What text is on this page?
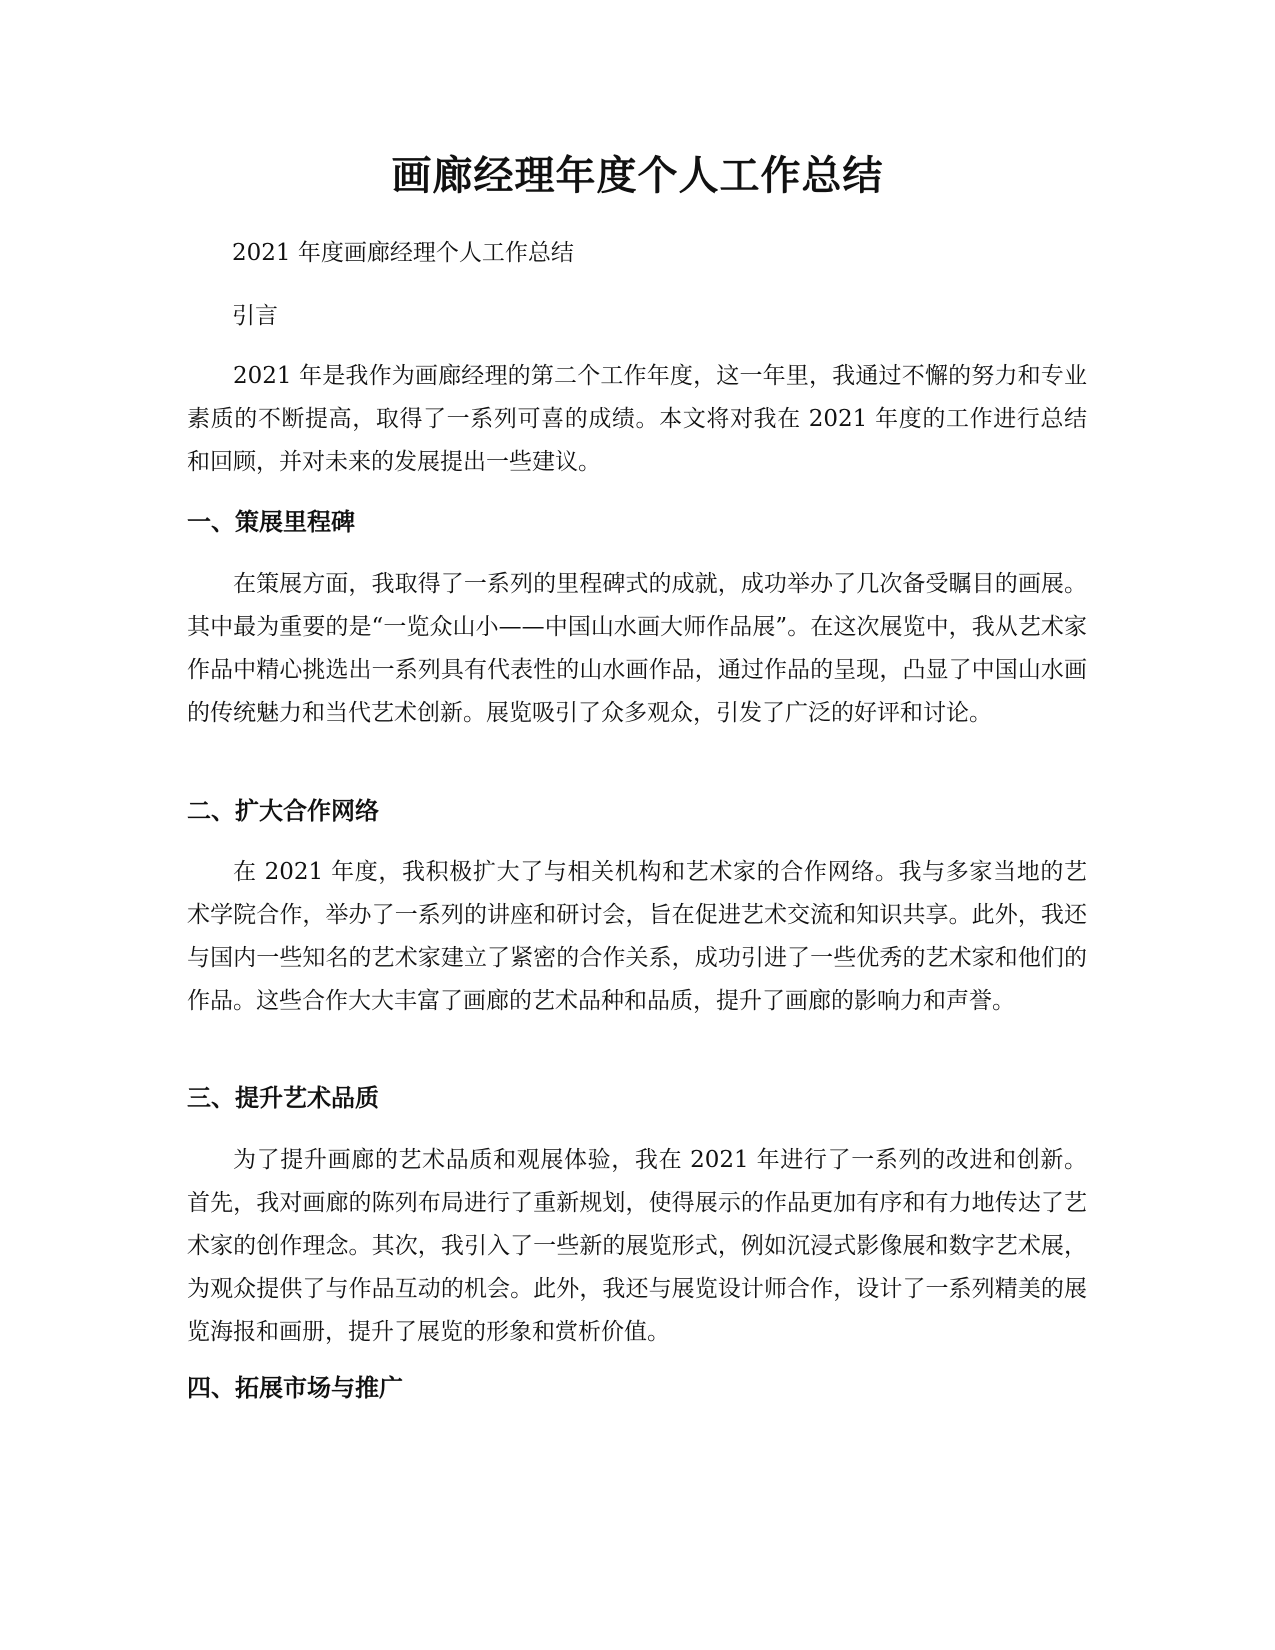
画廊经理年度个人工作总结

2021 年度画廊经理个人工作总结

引言

2021 年是我作为画廊经理的第二个工作年度，这一年里，我通过不懈的努力和专业素质的不断提高，取得了一系列可喜的成绩。本文将对我在 2021 年度的工作进行总结和回顾，并对未来的发展提出一些建议。

一、策展里程碑

在策展方面，我取得了一系列的里程碑式的成就，成功举办了几次备受瞩目的画展。其中最为重要的是“一览众山小——中国山水画大师作品展”。在这次展览中，我从艺术家作品中精心挑选出一系列具有代表性的山水画作品，通过作品的呈现，凸显了中国山水画的传统魅力和当代艺术创新。展览吸引了众多观众，引发了广泛的好评和讨论。

二、扩大合作网络

在 2021 年度，我积极扩大了与相关机构和艺术家的合作网络。我与多家当地的艺术学院合作，举办了一系列的讲座和研讨会，旨在促进艺术交流和知识共享。此外，我还与国内一些知名的艺术家建立了紧密的合作关系，成功引进了一些优秀的艺术家和他们的作品。这些合作大大丰富了画廊的艺术品种和品质，提升了画廊的影响力和声誉。

三、提升艺术品质

为了提升画廊的艺术品质和观展体验，我在 2021 年进行了一系列的改进和创新。首先，我对画廊的陈列布局进行了重新规划，使得展示的作品更加有序和有力地传达了艺术家的创作理念。其次，我引入了一些新的展览形式，例如沉浸式影像展和数字艺术展，为观众提供了与作品互动的机会。此外，我还与展览设计师合作，设计了一系列精美的展览海报和画册，提升了展览的形象和赏析价值。

四、拓展市场与推广
